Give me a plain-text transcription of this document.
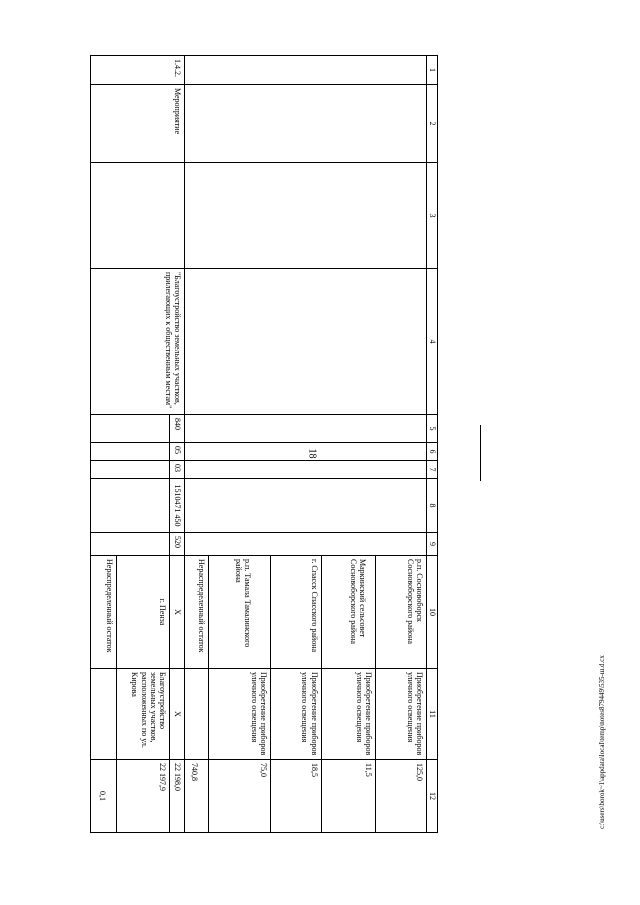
18
1	2	3	4	5	6	7	8	9	10	11	12
									р.п. Сосновоборск Сосновоборского района	Приобретение приборов уличного освещения	125,0
									Маркинский сельсовет Сосновоборского района	Приобретение приборов уличного освещения	11,5
									г. Спасск Спасского района	Приобретение приборов уличного освещения	18,5
									р.п. Тамала Тамалинского района	Приобретение приборов уличного освещения	75,0
									Нераспределенный остаток		740,8
1.4.2.	Мероприятие		"Благоустройство земельных участков, прилегающих к общественным местам"	840	05	03	1510471 450	520	Х	Х	22 198,0
									г. Пенза	Благоустройство земельных участков, расположенных по ул. Кирова	22 197,9
									Нераспределенный остаток		0,1	c:\users\borok~1\appdata\local\temp\notes879449\535-ш.d.cx
